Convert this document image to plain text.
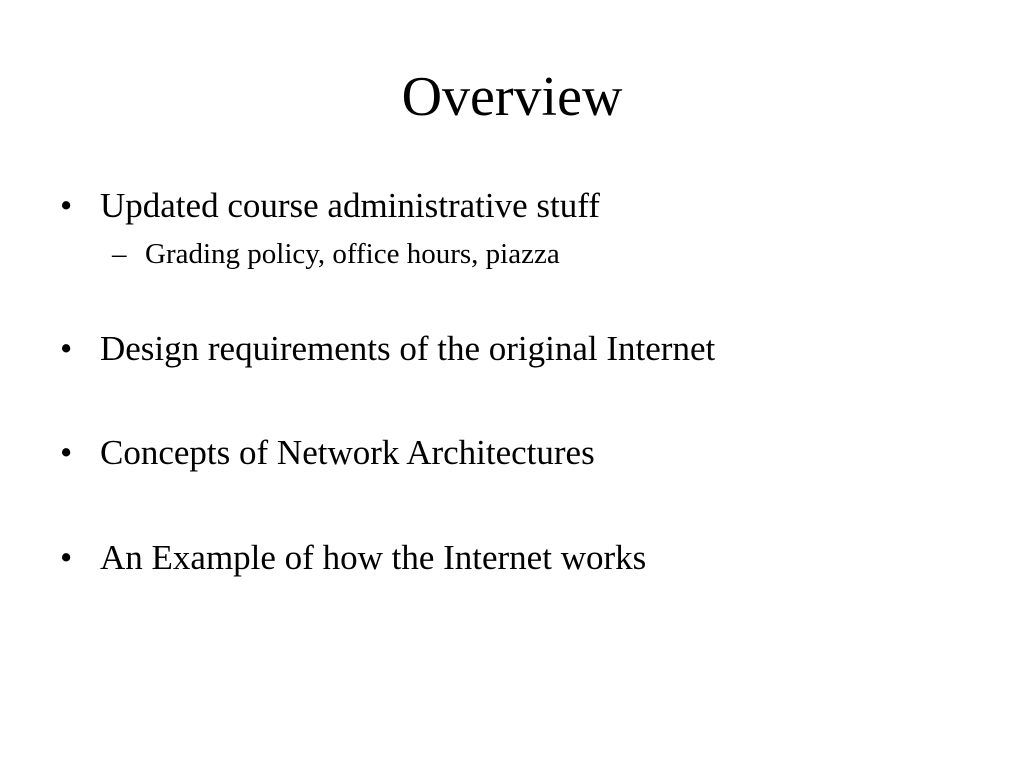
Overview
• Updated course administrative stuff
– Grading policy, office hours, piazza
• Design requirements of the original Internet
• Concepts of Network Architectures
• An Example of how the Internet works
